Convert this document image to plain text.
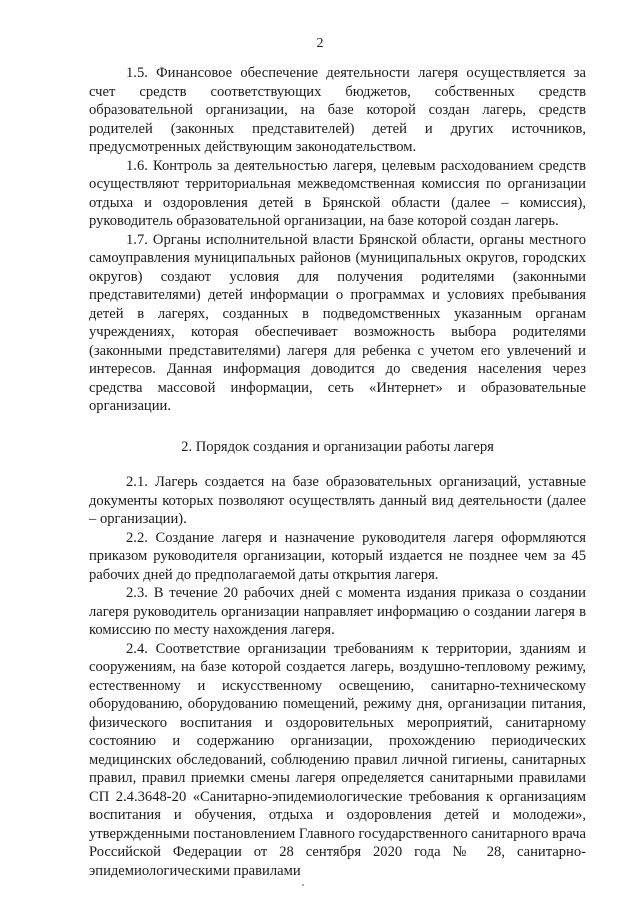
2

1.5. Финансовое обеспечение деятельности лагеря осуществляется за счет средств соответствующих бюджетов, собственных средств образовательной организации, на базе которой создан лагерь, средств родителей (законных представителей) детей и других источников, предусмотренных действующим законодательством.

1.6. Контроль за деятельностью лагеря, целевым расходованием средств осуществляют территориальная межведомственная комиссия по организации отдыха и оздоровления детей в Брянской области (далее – комиссия), руководитель образовательной организации, на базе которой создан лагерь.

1.7. Органы исполнительной власти Брянской области, органы местного самоуправления муниципальных районов (муниципальных округов, городских округов) создают условия для получения родителями (законными представителями) детей информации о программах и условиях пребывания детей в лагерях, созданных в подведомственных указанным органам учреждениях, которая обеспечивает возможность выбора родителями (законными представителями) лагеря для ребенка с учетом его увлечений и интересов. Данная информация доводится до сведения населения через средства массовой информации, сеть «Интернет» и образовательные организации.

2. Порядок создания и организации работы лагеря

2.1. Лагерь создается на базе образовательных организаций, уставные документы которых позволяют осуществлять данный вид деятельности (далее – организации).

2.2. Создание лагеря и назначение руководителя лагеря оформляются приказом руководителя организации, который издается не позднее чем за 45 рабочих дней до предполагаемой даты открытия лагеря.

2.3. В течение 20 рабочих дней с момента издания приказа о создании лагеря руководитель организации направляет информацию о создании лагеря в комиссию по месту нахождения лагеря.

2.4. Соответствие организации требованиям к территории, зданиям и сооружениям, на базе которой создается лагерь, воздушно-тепловому режиму, естественному и искусственному освещению, санитарно-техническому оборудованию, оборудованию помещений, режиму дня, организации питания, физического воспитания и оздоровительных мероприятий, санитарному состоянию и содержанию организации, прохождению периодических медицинских обследований, соблюдению правил личной гигиены, санитарных правил, правил приемки смены лагеря определяется санитарными правилами СП 2.4.3648-20 «Санитарно-эпидемиологические требования к организациям воспитания и обучения, отдыха и оздоровления детей и молодежи», утвержденными постановлением Главного государственного санитарного врача Российской Федерации от 28 сентября 2020 года № 28, санитарно-эпидемиологическими правилами
